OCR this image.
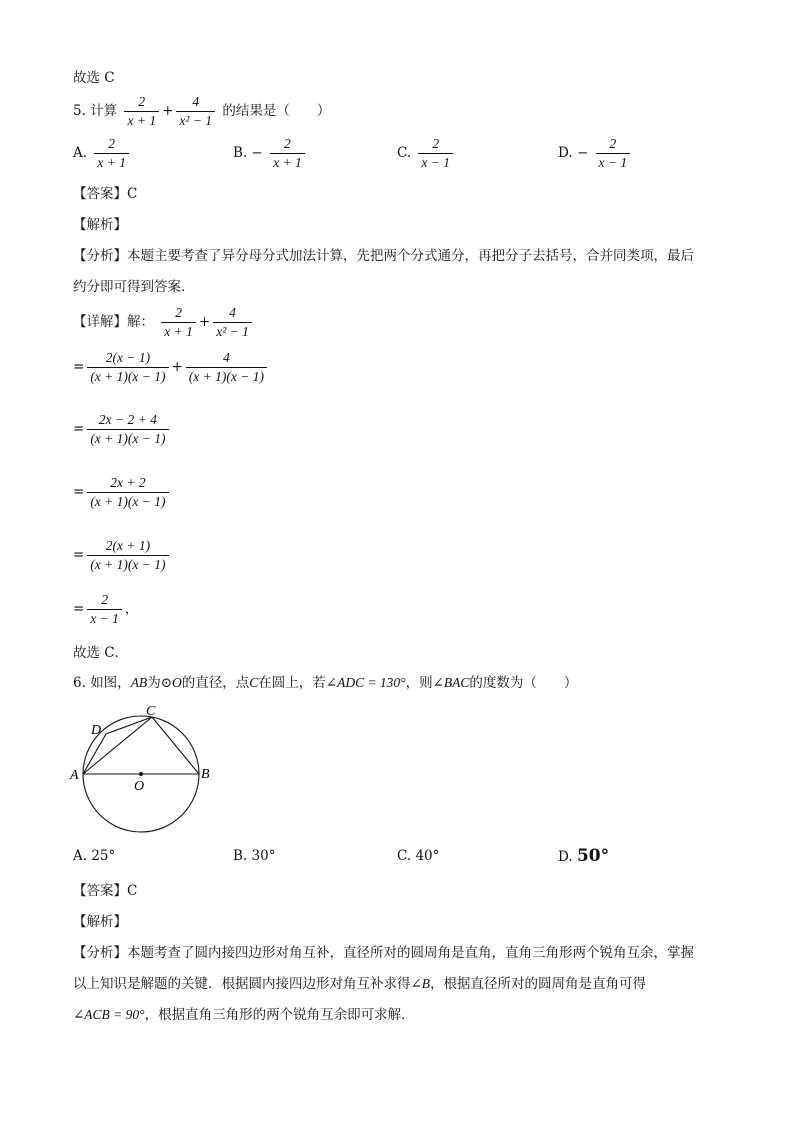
故选 C
5. 计算 $\frac{2}{x + 1} + \frac{4}{\text{x² − 1}}$ 的结果是（　　）
A. $\frac{2}{x + 1}$	B. − $\frac{2}{x + 1}$	C. $\frac{2}{x - 1}$	D. − $\frac{2}{x - 1}$
【答案】C
【解析】
【分析】本题主要考查了异分母分式加法计算，先把两个分式通分，再把分子去括号，合并同类项，最后
约分即可得到答案．
【详解】解： $\frac{2}{x + 1} + \frac{4}{\text{x² − 1}}$
= $\frac{2(x - 1)}{(x + 1)(x - 1)} + \frac{4}{(x + 1)(x - 1)}$
= $\frac{2x - 2 + 4}{(x + 1)(x - 1)}$
= $\frac{2x + 2}{(x + 1)(x - 1)}$
= $\frac{2(x + 1)}{(x + 1)(x - 1)}$
= $\frac{2}{x - 1}$ ，
故选 C．
6. 如图，AB为⊙O的直径，点C在圆上，若∠ADC = 130°，则∠BAC的度数为（　　）
A	B
C
D
O
A. 25°	B. 30°	C. 40°	D. 50°
【答案】C
【解析】
【分析】本题考查了圆内接四边形对角互补，直径所对的圆周角是直角，直角三角形两个锐角互余，掌握
以上知识是解题的关键．根据圆内接四边形对角互补求得∠B，根据直径所对的圆周角是直角可得
∠ACB = 90°，根据直角三角形的两个锐角互余即可求解．
